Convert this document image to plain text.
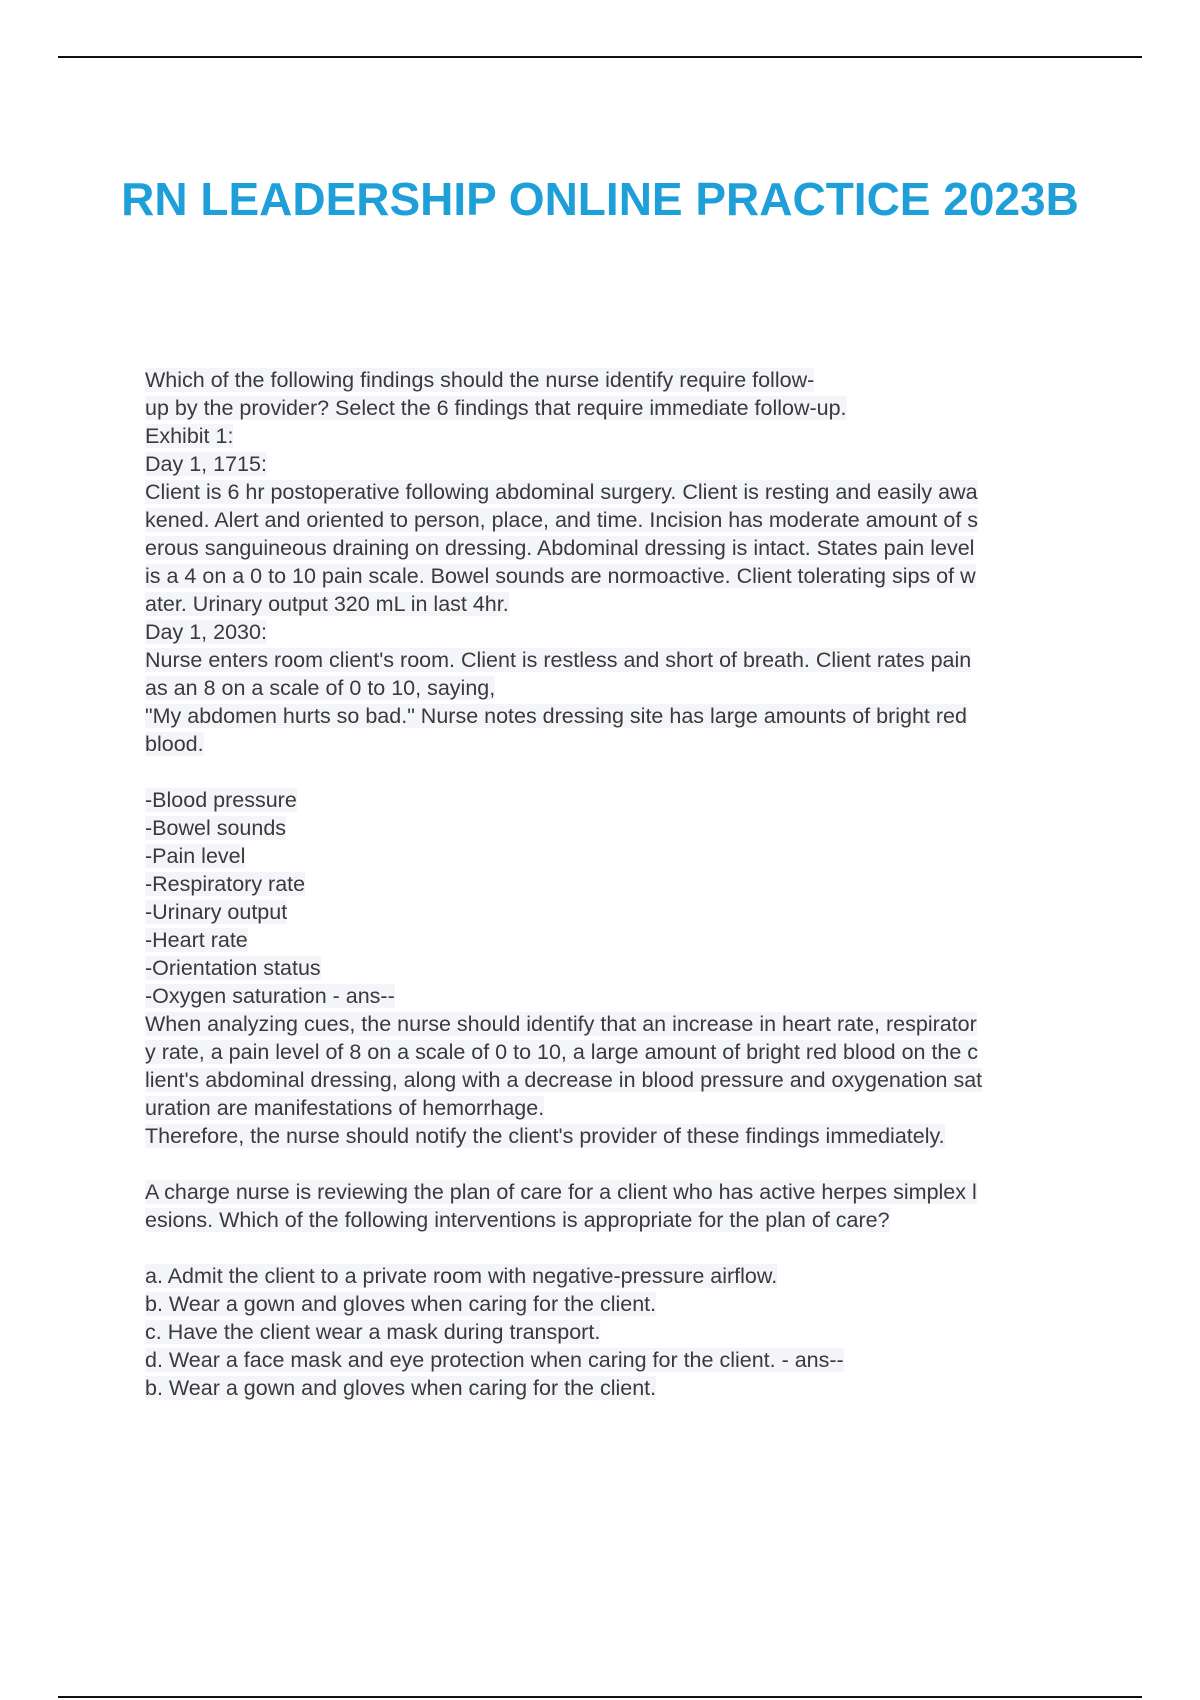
RN LEADERSHIP ONLINE PRACTICE 2023B
Which of the following findings should the nurse identify require follow-
up by the provider? Select the 6 findings that require immediate follow-up.
Exhibit 1:
Day 1, 1715:
Client is 6 hr postoperative following abdominal surgery. Client is resting and easily awa
kened. Alert and oriented to person, place, and time. Incision has moderate amount of s
erous sanguineous draining on dressing. Abdominal dressing is intact. States pain level
is a 4 on a 0 to 10 pain scale. Bowel sounds are normoactive. Client tolerating sips of w
ater. Urinary output 320 mL in last 4hr.
Day 1, 2030:
Nurse enters room client's room. Client is restless and short of breath. Client rates pain
as an 8 on a scale of 0 to 10, saying,
"My abdomen hurts so bad." Nurse notes dressing site has large amounts of bright red
blood.
-Blood pressure
-Bowel sounds
-Pain level
-Respiratory rate
-Urinary output
-Heart rate
-Orientation status
-Oxygen saturation - ans--
When analyzing cues, the nurse should identify that an increase in heart rate, respirator
y rate, a pain level of 8 on a scale of 0 to 10, a large amount of bright red blood on the c
lient's abdominal dressing, along with a decrease in blood pressure and oxygenation sat
uration are manifestations of hemorrhage.
Therefore, the nurse should notify the client's provider of these findings immediately.
A charge nurse is reviewing the plan of care for a client who has active herpes simplex l
esions. Which of the following interventions is appropriate for the plan of care?
a. Admit the client to a private room with negative-pressure airflow.
b. Wear a gown and gloves when caring for the client.
c. Have the client wear a mask during transport.
d. Wear a face mask and eye protection when caring for the client. - ans--
b. Wear a gown and gloves when caring for the client.
